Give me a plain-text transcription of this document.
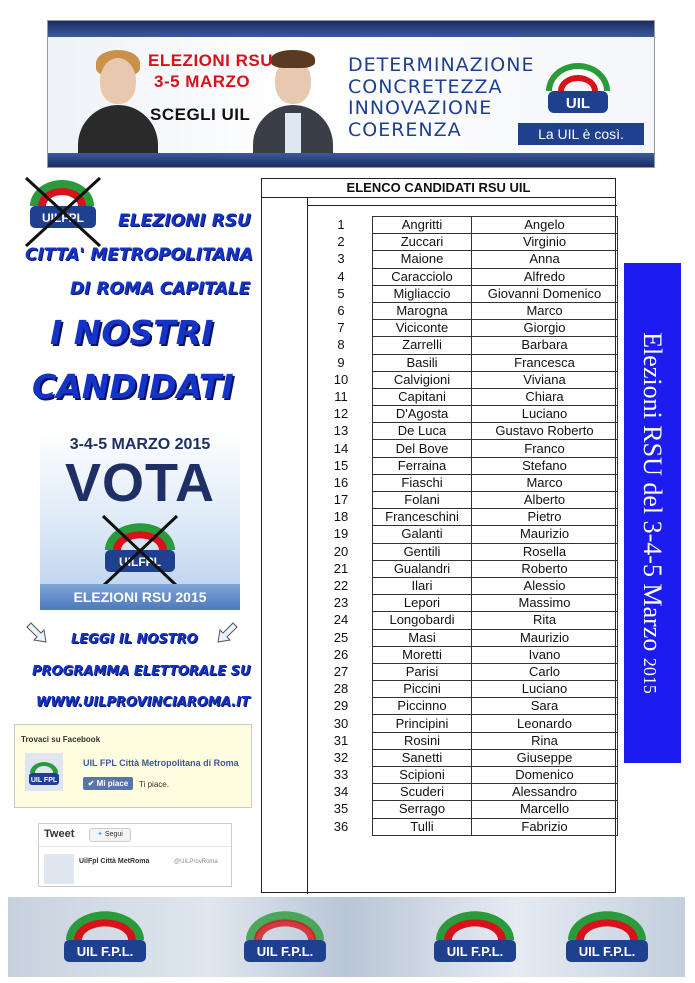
ELEZIONI RSU
3-5 MARZO
SCEGLI UIL
DETERMINAZIONE
CONCRETEZZA
INNOVAZIONE
COERENZA
UIL
La UIL è così.
UILFPL ELEZIONI RSU
CITTA' METROPOLITANA
DI ROMA CAPITALE
I NOSTRI
CANDIDATI
3-4-5 MARZO 2015
VOTA
UILFPL
ELEZIONI RSU 2015
LEGGI IL NOSTRO
PROGRAMMA ELETTORALE SU
WWW.UILPROVINCIAROMA.IT
Trovaci su Facebook
UIL FPL
UIL FPL Città Metropolitana di Roma
✔ Mi piace	Ti piace.
Tweet	✦ Segui
UilFpl Città MetRoma	@UILProvRoma
ELENCO CANDIDATI RSU UIL
1	Angritti	Angelo
2	Zuccari	Virginio
3	Maione	Anna
4	Caracciolo	Alfredo
5	Migliaccio	Giovanni Domenico
6	Marogna	Marco
7	Viciconte	Giorgio
8	Zarrelli	Barbara
9	Basili	Francesca
10	Calvigioni	Viviana
11	Capitani	Chiara
12	D'Agosta	Luciano
13	De Luca	Gustavo Roberto
14	Del Bove	Franco
15	Ferraina	Stefano
16	Fiaschi	Marco
17	Folani	Alberto
18	Franceschini	Pietro
19	Galanti	Maurizio
20	Gentili	Rosella
21	Gualandri	Roberto
22	Ilari	Alessio
23	Lepori	Massimo
24	Longobardi	Rita
25	Masi	Maurizio
26	Moretti	Ivano
27	Parisi	Carlo
28	Piccini	Luciano
29	Piccinno	Sara
30	Principini	Leonardo
31	Rosini	Rina
32	Sanetti	Giuseppe
33	Scipioni	Domenico
34	Scuderi	Alessandro
35	Serrago	Marcello
36	Tulli	Fabrizio
Elezioni RSU del 3-4-5 Marzo 2015
UIL F.P.L.	UIL F.P.L.	UIL F.P.L.	UIL F.P.L.
